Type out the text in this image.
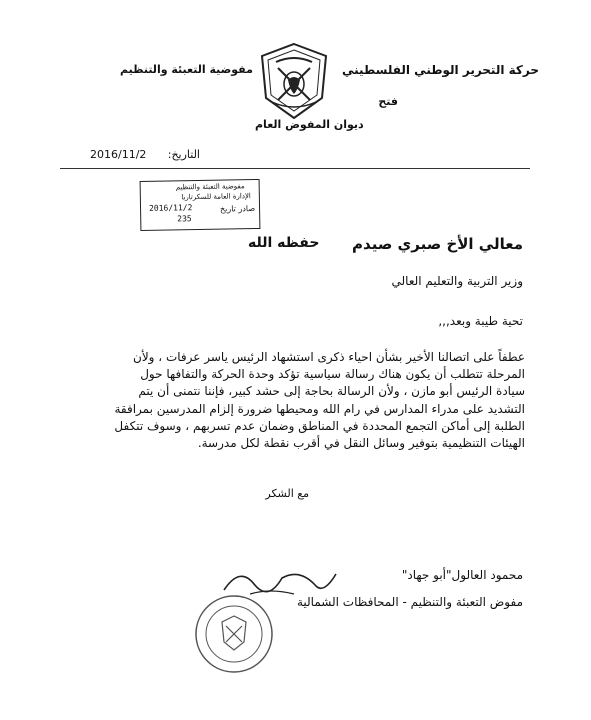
حركة التحرير الوطني الفلسطيني
فتح
مفوضية التعبئة والتنظيم
ديوان المفوض العام
التاريخ:
2016/11/2
مفوضية التعبئة والتنظيم
الإدارة العامة للسكرتاريا
صادر تاريخ
2016/11/2
235
معالي الأخ صبري صيدم
حفظه الله
وزير التربية والتعليم العالي
تحية طيبة وبعد,,,
عطفاً على اتصالنا الأخير بشأن احياء ذكرى استشهاد الرئيس ياسر عرفات ، ولأن
المرحلة تتطلب أن يكون هناك رسالة سياسية تؤكد وحدة الحركة والتفافها حول
سيادة الرئيس أبو مازن ، ولأن الرسالة بحاجة إلى حشد كبير، فإننا نتمنى أن يتم
التشديد على مدراء المدارس في رام الله ومحيطها ضرورة إلزام المدرسين بمرافقة
الطلبة إلى أماكن التجمع المحددة في المناطق وضمان عدم تسربهم ، وسوف تتكفل
الهيئات التنظيمية بتوفير وسائل النقل في أقرب نقطة لكل مدرسة.
مع الشكر
محمود العالول"أبو جهاد"
مفوض التعبئة والتنظيم - المحافظات الشمالية
